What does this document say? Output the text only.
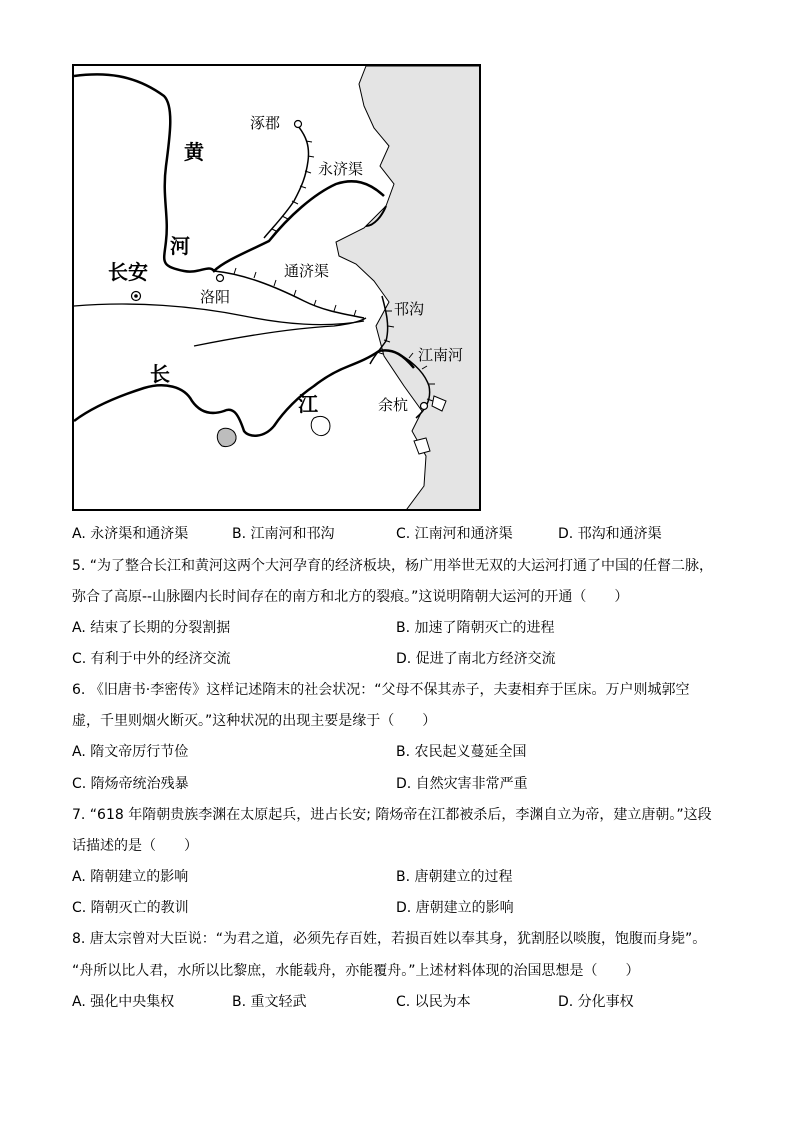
涿郡
永济渠
黄
河
长安
洛阳
通济渠
邗沟
江南河
长
江	余杭
A. 永济渠和通济渠	B. 江南河和邗沟	C. 江南河和通济渠	D. 邗沟和通济渠
5. “为了整合长江和黄河这两个大河孕育的经济板块，杨广用举世无双的大运河打通了中国的任督二脉，
弥合了高原--山脉圈内长时间存在的南方和北方的裂痕。”这说明隋朝大运河的开通（　　）
A. 结束了长期的分裂割据	B. 加速了隋朝灭亡的进程
C. 有利于中外的经济交流	D. 促进了南北方经济交流
6. 《旧唐书·李密传》这样记述隋末的社会状况：“父母不保其赤子，夫妻相弃于匡床。万户则城郭空
虚，千里则烟火断灭。”这种状况的出现主要是缘于（　　）
A. 隋文帝厉行节俭	B. 农民起义蔓延全国
C. 隋炀帝统治残暴	D. 自然灾害非常严重
7. “618 年隋朝贵族李渊在太原起兵，进占长安; 隋炀帝在江都被杀后，李渊自立为帝，建立唐朝。”这段
话描述的是（　　）
A. 隋朝建立的影响	B. 唐朝建立的过程
C. 隋朝灭亡的教训	D. 唐朝建立的影响
8. 唐太宗曾对大臣说：“为君之道，必须先存百姓，若损百姓以奉其身，犹割胫以啖腹，饱腹而身毙”。
“舟所以比人君，水所以比黎庶，水能载舟，亦能覆舟。”上述材料体现的治国思想是（　　）
A. 强化中央集权	B. 重文轻武	C. 以民为本	D. 分化事权
